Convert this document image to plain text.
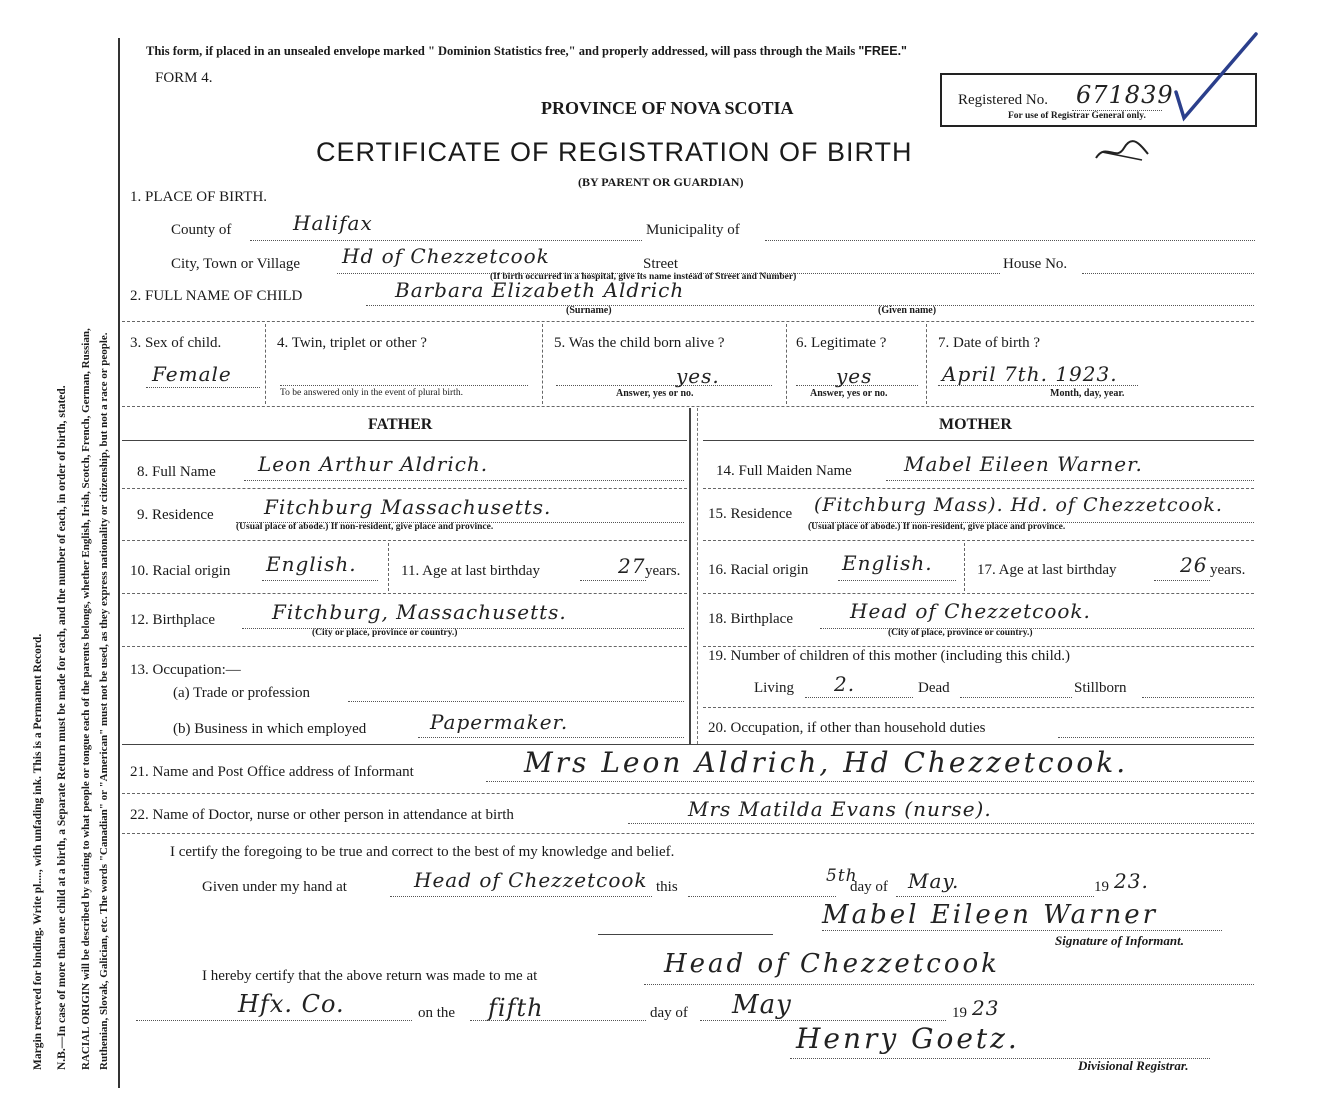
Margin reserved for binding. Write pl...., with unfading ink. This is a Permanent Record. N.B.—In case of more than one child at a birth, a Separate Return must be made for each, and the number of each, in order of birth, stated. RACIAL ORIGIN will be described by stating to what people or tongue each of the parents belongs, whether English, Irish, Scotch, French, German, Russian, Ruthenian, Slovak, Galician, etc. The words "Canadian" or "American" must not be used, as they express nationality or citizenship, but not a race or people.
This form, if placed in an unsealed envelope marked " Dominion Statistics free," and properly addressed, will pass through the Mails "FREE."
FORM 4.
PROVINCE OF NOVA SCOTIA
CERTIFICATE OF REGISTRATION OF BIRTH
(BY PARENT OR GUARDIAN)
Registered No. 671839
For use of Registrar General only.
1. PLACE OF BIRTH.
County of	Halifax	Municipality of
City, Town or Village Hd of Chezzetcook	Street	House No.
(If birth occurred in a hospital, give its name instead of Street and Number)
2. FULL NAME OF CHILD	Barbara Elizabeth Aldrich
(Surname)	(Given name)
3. Sex of child.
Female
4. Twin, triplet or other ?
To be answered only in the event of plural birth.
5. Was the child born alive ?
yes.
Answer, yes or no.
6. Legitimate ?
yes
Answer, yes or no.
7. Date of birth ?
April 7th. 1923.
Month, day, year.
FATHER	MOTHER
8. Full Name Leon Arthur Aldrich.
9. Residence	Fitchburg Massachusetts.
(Usual place of abode.) If non-resident, give place and province.
10. Racial origin English.	11. Age at last birthday	27 years.
12. Birthplace	Fitchburg, Massachusetts.
(City or place, province or country.)
13. Occupation:—
(a) Trade or profession
(b) Business in which employed	Papermaker.
14. Full Maiden Name	Mabel Eileen Warner.
15. Residence (Fitchburg Mass). Hd. of Chezzetcook.
(Usual place of abode.) If non-resident, give place and province.
16. Racial origin English.	17. Age at last birthday	26 years.
18. Birthplace	Head of Chezzetcook.
(City of place, province or country.)
19. Number of children of this mother (including this child.)
Living 2.	Dead	Stillborn
20. Occupation, if other than household duties
21. Name and Post Office address of Informant	Mrs Leon Aldrich, Hd Chezzetcook.
22. Name of Doctor, nurse or other person in attendance at birth	Mrs Matilda Evans (nurse).
I certify the foregoing to be true and correct to the best of my knowledge and belief.
Given under my hand at	Head of Chezzetcook this
5th
day of May.	19 23.
Mabel Eileen Warner
Signature of Informant.
I hereby certify that the above return was made to me at	Head of Chezzetcook
Hfx. Co.	on the fifth	day of May	19 23
Henry Goetz.
Divisional Registrar.
